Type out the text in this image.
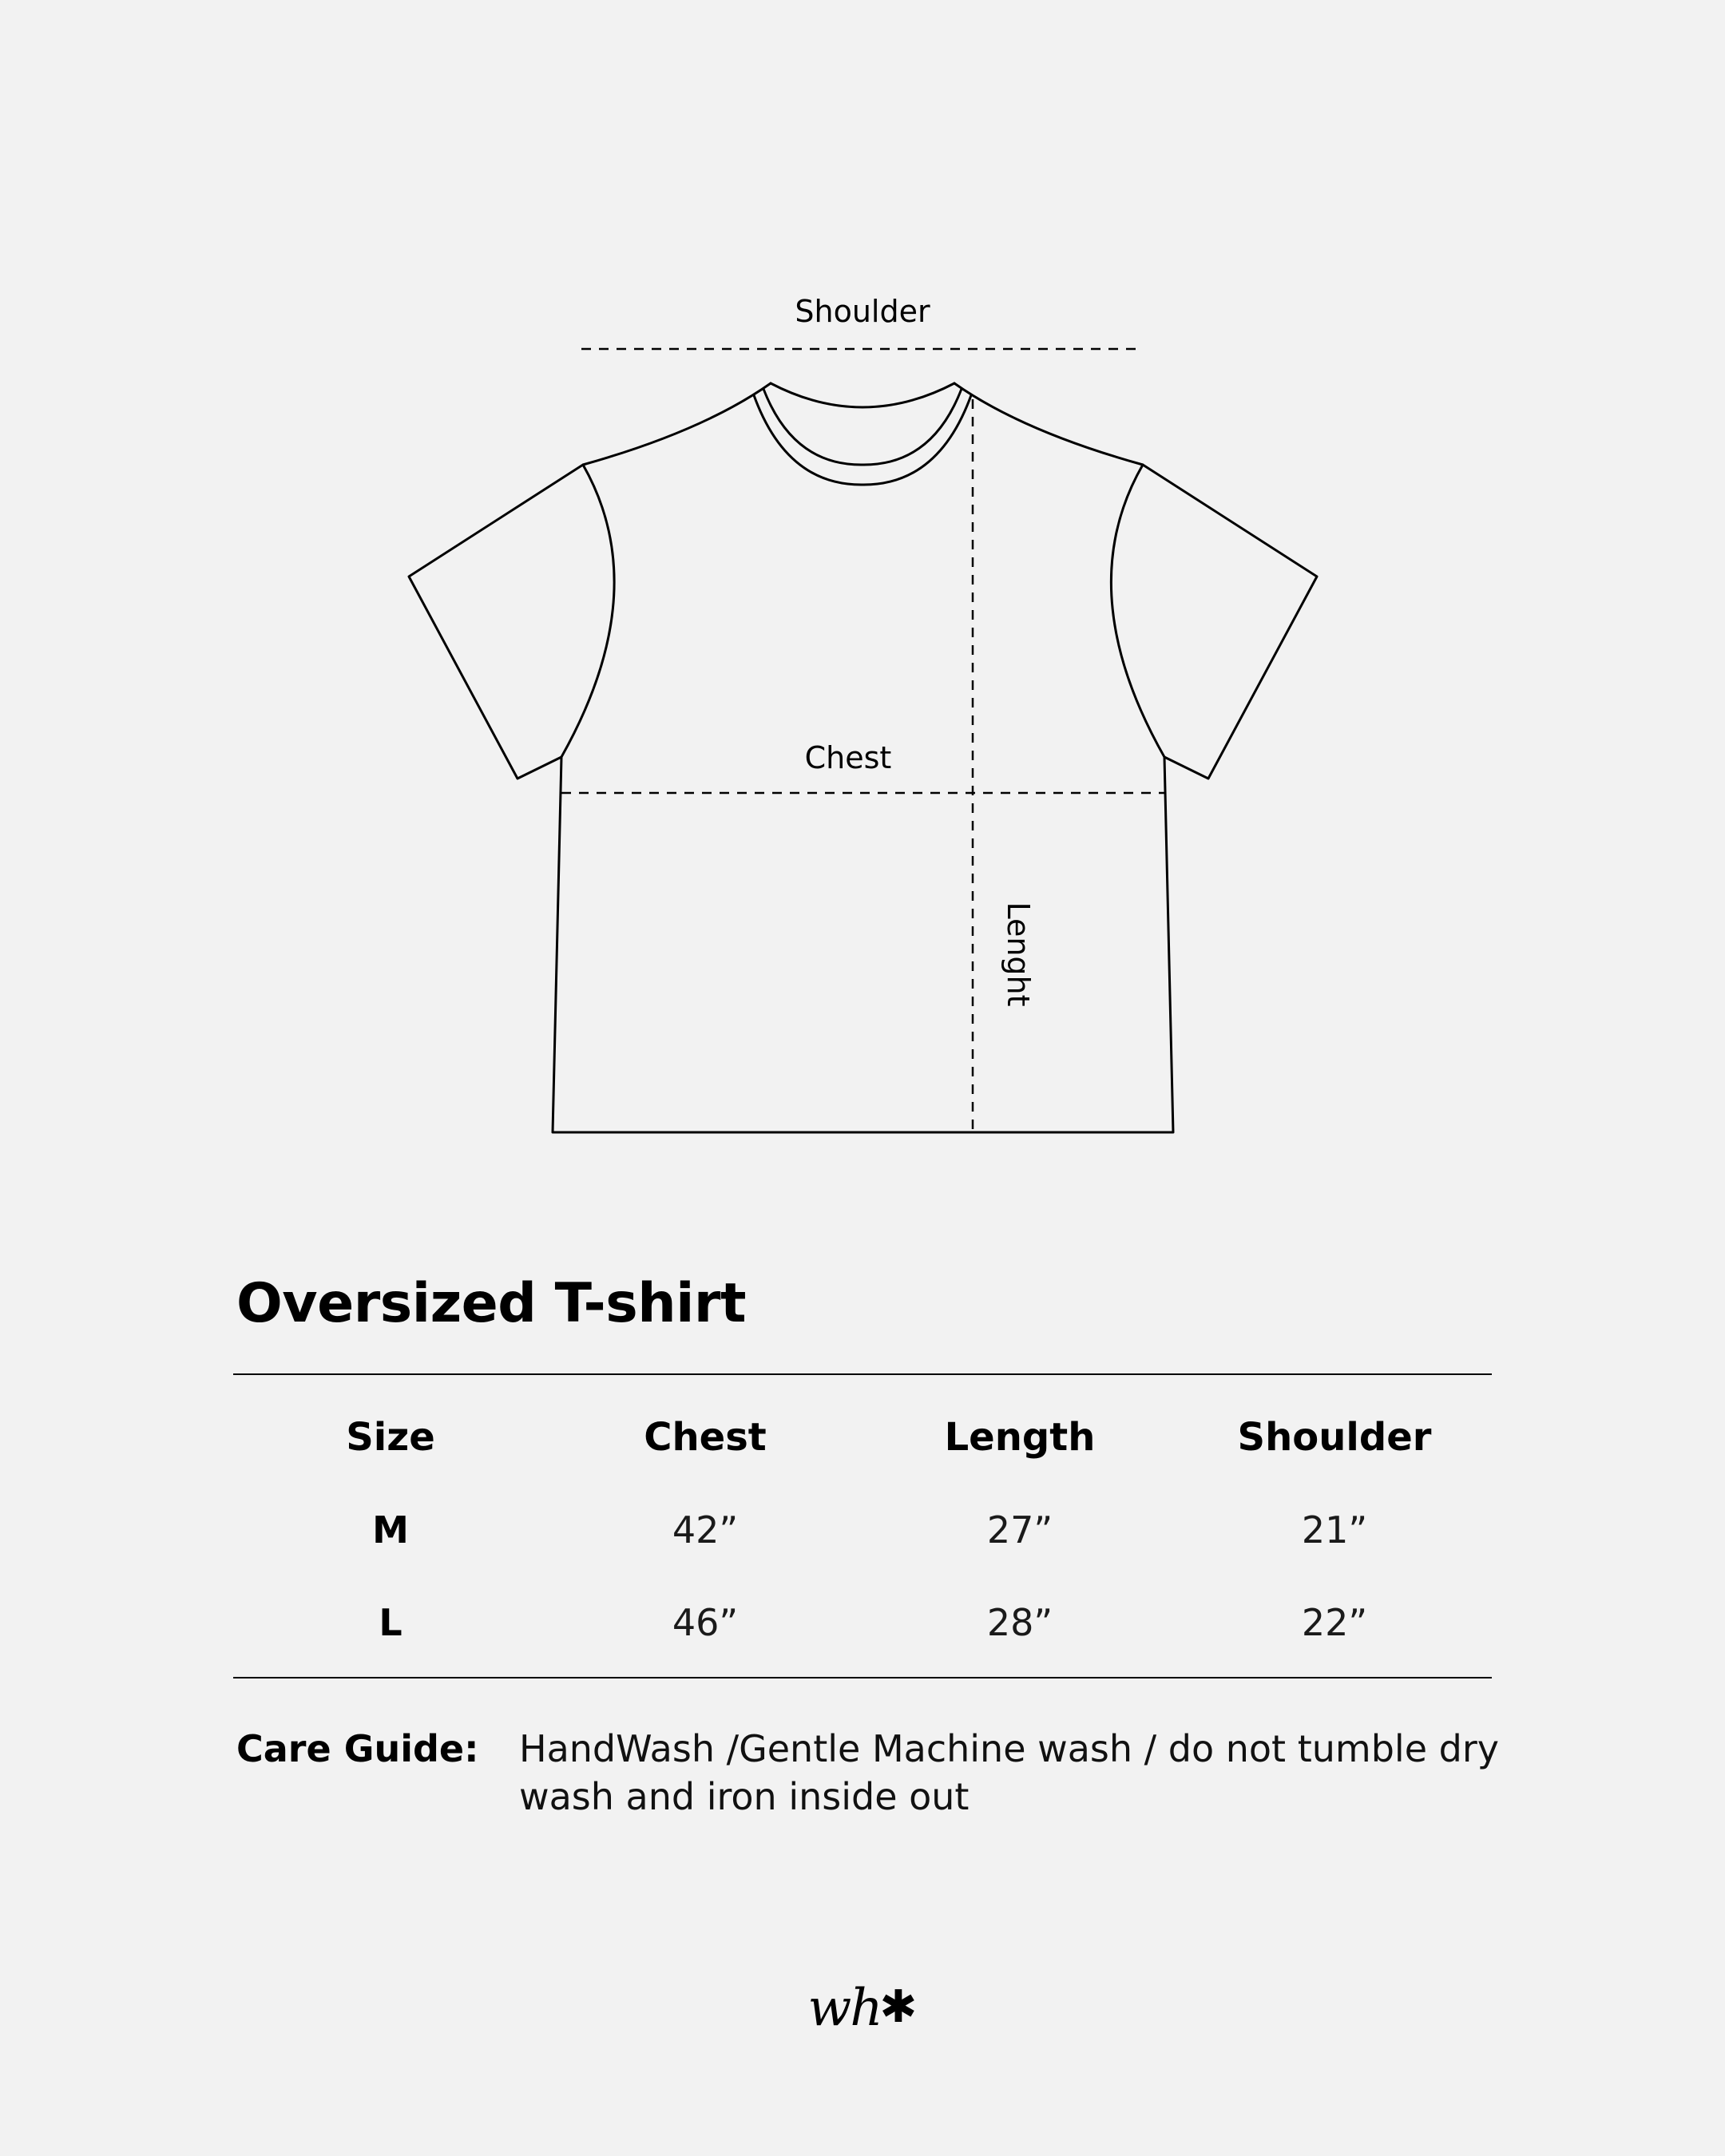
Shoulder
Chest
Lenght
Oversized T-shirt
Size	Chest	Length	Shoulder
M	42”	27”	21”
L	46”	28”	22”
Care Guide: HandWash /Gentle Machine wash / do not tumble dry
wash and iron inside out
wh
✱
